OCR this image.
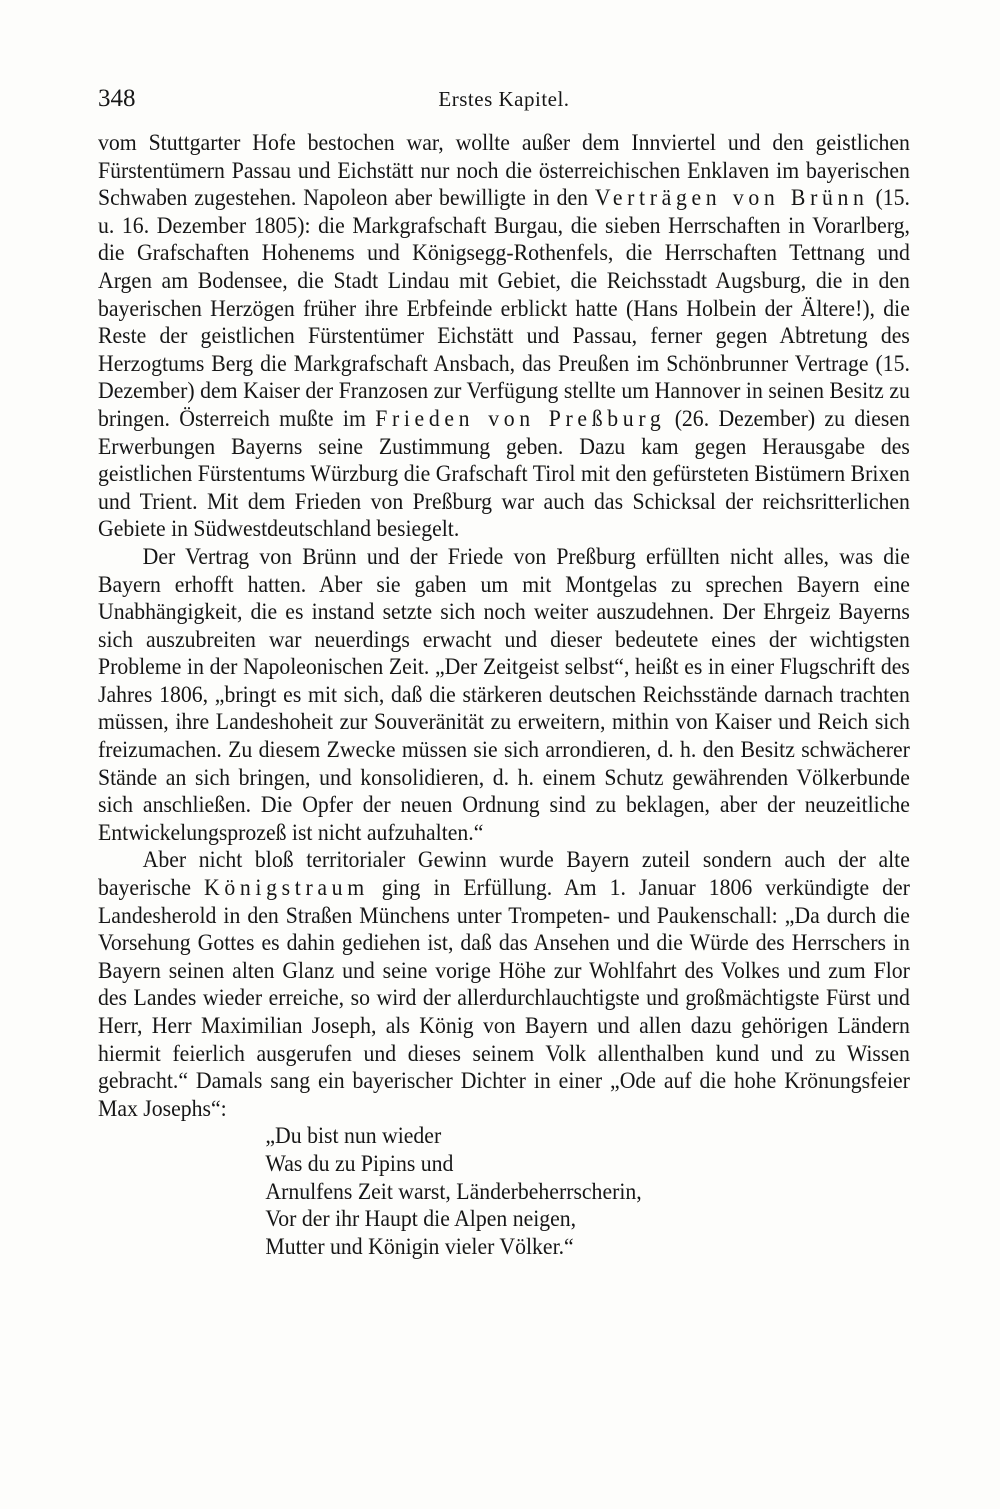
348	Erstes Kapitel.

vom Stuttgarter Hofe bestochen war, wollte außer dem Innviertel und den geistlichen Fürstentümern Passau und Eichstätt nur noch die österreichischen Enklaven im bayerischen Schwaben zugestehen. Napoleon aber bewilligte in den Verträgen von Brünn (15. u. 16. Dezember 1805): die Markgrafschaft Burgau, die sieben Herrschaften in Vorarlberg, die Grafschaften Hohenems und Königsegg-Rothenfels, die Herrschaften Tettnang und Argen am Bodensee, die Stadt Lindau mit Gebiet, die Reichsstadt Augsburg, die in den bayerischen Herzögen früher ihre Erbfeinde erblickt hatte (Hans Holbein der Ältere!), die Reste der geistlichen Fürstentümer Eichstätt und Passau, ferner gegen Abtretung des Herzogtums Berg die Markgrafschaft Ansbach, das Preußen im Schönbrunner Vertrage (15. Dezember) dem Kaiser der Franzosen zur Verfügung stellte um Hannover in seinen Besitz zu bringen. Österreich mußte im Frieden von Preßburg (26. Dezember) zu diesen Erwerbungen Bayerns seine Zustimmung geben. Dazu kam gegen Herausgabe des geistlichen Fürstentums Würzburg die Grafschaft Tirol mit den gefürsteten Bistümern Brixen und Trient. Mit dem Frieden von Preßburg war auch das Schicksal der reichsritterlichen Gebiete in Südwestdeutschland besiegelt.

Der Vertrag von Brünn und der Friede von Preßburg erfüllten nicht alles, was die Bayern erhofft hatten. Aber sie gaben um mit Montgelas zu sprechen Bayern eine Unabhängigkeit, die es instand setzte sich noch weiter auszudehnen. Der Ehrgeiz Bayerns sich auszubreiten war neuerdings erwacht und dieser bedeutete eines der wichtigsten Probleme in der Napoleonischen Zeit. „Der Zeitgeist selbst“, heißt es in einer Flugschrift des Jahres 1806, „bringt es mit sich, daß die stärkeren deutschen Reichsstände darnach trachten müssen, ihre Landeshoheit zur Souveränität zu erweitern, mithin von Kaiser und Reich sich freizumachen. Zu diesem Zwecke müssen sie sich arrondieren, d. h. den Besitz schwächerer Stände an sich bringen, und konsolidieren, d. h. einem Schutz gewährenden Völkerbunde sich anschließen. Die Opfer der neuen Ordnung sind zu beklagen, aber der neuzeitliche Entwickelungsprozeß ist nicht aufzuhalten.“

Aber nicht bloß territorialer Gewinn wurde Bayern zuteil sondern auch der alte bayerische Königstraum ging in Erfüllung. Am 1. Januar 1806 verkündigte der Landesherold in den Straßen Münchens unter Trompeten- und Paukenschall: „Da durch die Vorsehung Gottes es dahin gediehen ist, daß das Ansehen und die Würde des Herrschers in Bayern seinen alten Glanz und seine vorige Höhe zur Wohlfahrt des Volkes und zum Flor des Landes wieder erreiche, so wird der allerdurchlauchtigste und großmächtigste Fürst und Herr, Herr Maximilian Joseph, als König von Bayern und allen dazu gehörigen Ländern hiermit feierlich ausgerufen und dieses seinem Volk allenthalben kund und zu Wissen gebracht.“ Damals sang ein bayerischer Dichter in einer „Ode auf die hohe Krönungsfeier Max Josephs“:

„Du bist nun wieder
Was du zu Pipins und
Arnulfens Zeit warst, Länderbeherrscherin,
Vor der ihr Haupt die Alpen neigen,
Mutter und Königin vieler Völker.“
